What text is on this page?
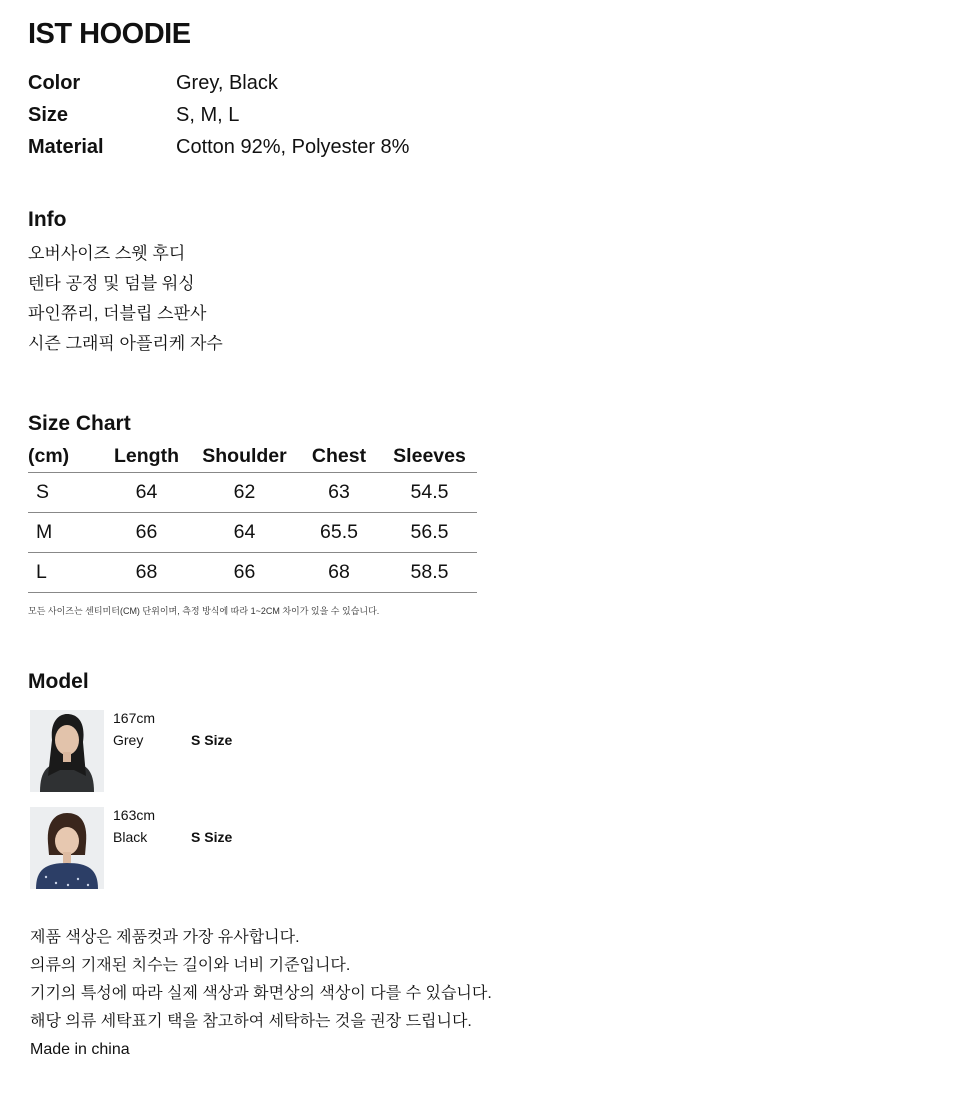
IST HOODIE
Color	Grey, Black
Size	S, M, L
Material	Cotton 92%, Polyester 8%
Info
오버사이즈 스웻 후디
텐타 공정 및 덤블 워싱
파인쮸리, 더블립 스판사
시즌 그래픽 아플리케 자수
Size Chart
(cm)	Length	Shoulder	Chest	Sleeves
S	64	62	63	54.5
M	66	64	65.5	56.5
L	68	66	68	58.5
모든 사이즈는 센티미터(CM) 단위이며, 측정 방식에 따라 1~2CM 차이가 있을 수 있습니다.
Model
167cm
Grey	S Size
163cm
Black	S Size
제품 색상은 제품컷과 가장 유사합니다.
의류의 기재된 치수는 길이와 너비 기준입니다.
기기의 특성에 따라 실제 색상과 화면상의 색상이 다를 수 있습니다.
해당 의류 세탁표기 택을 참고하여 세탁하는 것을 권장 드립니다.
Made in china
